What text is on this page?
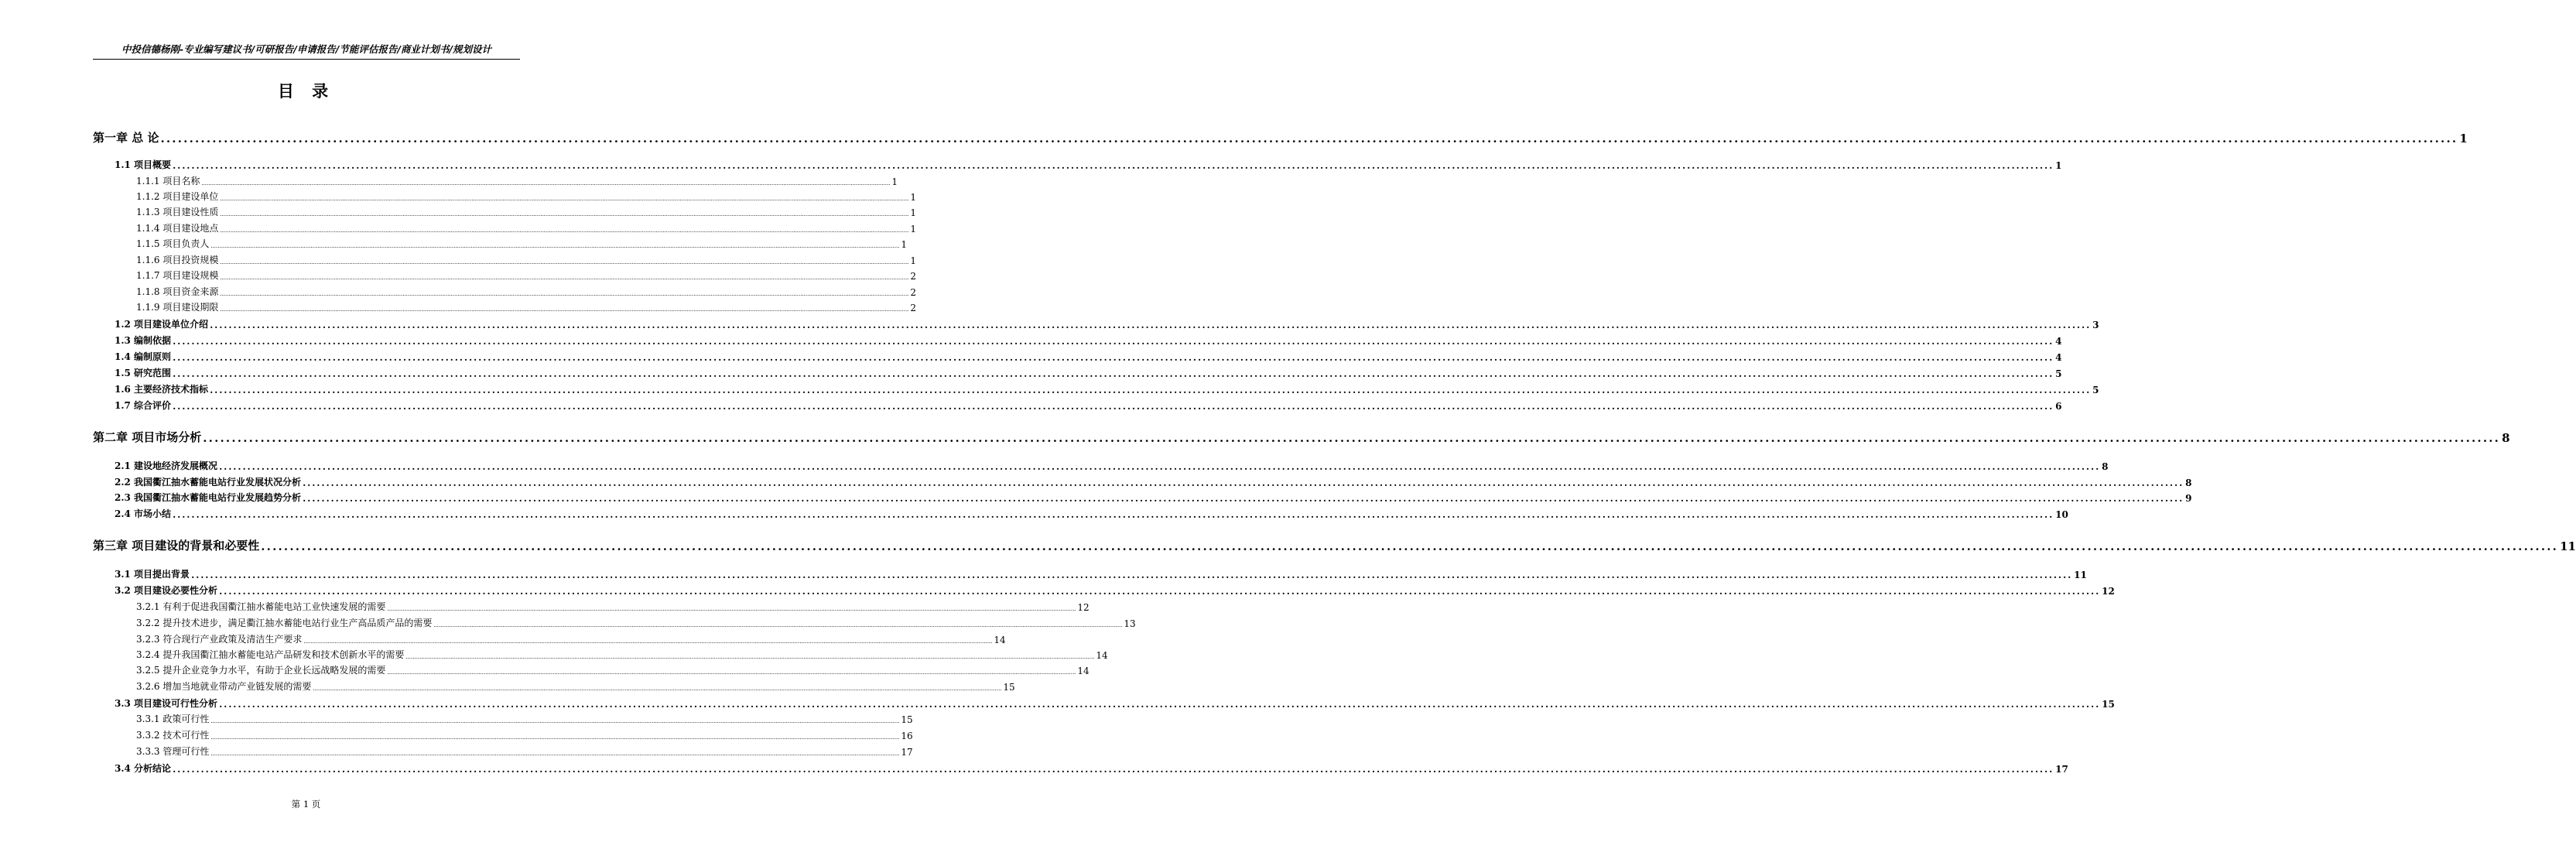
中投信德杨刚-专业编写建议书/可研报告/申请报告/节能评估报告/商业计划书/规划设计
目 录
第一章 总 论 ................................................................................................................................................................................................................................................................................................................................................................................................................ 1
1.1 项目概要 ................................................................................................................................................................................................................................................................................................................................................................................................................ 1
1.1.1 项目名称 ................................................................................................................................................................................................................................................................................................................................................................................................................ 1
1.1.2 项目建设单位 ................................................................................................................................................................................................................................................................................................................................................................................................................ 1
1.1.3 项目建设性质 ................................................................................................................................................................................................................................................................................................................................................................................................................ 1
1.1.4 项目建设地点 ................................................................................................................................................................................................................................................................................................................................................................................................................ 1
1.1.5 项目负责人 ................................................................................................................................................................................................................................................................................................................................................................................................................ 1
1.1.6 项目投资规模 ................................................................................................................................................................................................................................................................................................................................................................................................................ 1
1.1.7 项目建设规模 ................................................................................................................................................................................................................................................................................................................................................................................................................ 2
1.1.8 项目资金来源 ................................................................................................................................................................................................................................................................................................................................................................................................................ 2
1.1.9 项目建设期限 ................................................................................................................................................................................................................................................................................................................................................................................................................ 2
1.2 项目建设单位介绍 ................................................................................................................................................................................................................................................................................................................................................................................................................ 3
1.3 编制依据 ................................................................................................................................................................................................................................................................................................................................................................................................................ 4
1.4 编制原则 ................................................................................................................................................................................................................................................................................................................................................................................................................ 4
1.5 研究范围 ................................................................................................................................................................................................................................................................................................................................................................................................................ 5
1.6 主要经济技术指标 ................................................................................................................................................................................................................................................................................................................................................................................................................ 5
1.7 综合评价 ................................................................................................................................................................................................................................................................................................................................................................................................................ 6
第二章 项目市场分析 ................................................................................................................................................................................................................................................................................................................................................................................................................ 8
2.1 建设地经济发展概况 ................................................................................................................................................................................................................................................................................................................................................................................................................ 8
2.2 我国衢江抽水蓄能电站行业发展状况分析 ................................................................................................................................................................................................................................................................................................................................................................................................................ 8
2.3 我国衢江抽水蓄能电站行业发展趋势分析 ................................................................................................................................................................................................................................................................................................................................................................................................................ 9
2.4 市场小结 ................................................................................................................................................................................................................................................................................................................................................................................................................ 10
第三章 项目建设的背景和必要性 ................................................................................................................................................................................................................................................................................................................................................................................................................ 11
3.1 项目提出背景 ................................................................................................................................................................................................................................................................................................................................................................................................................ 11
3.2 项目建设必要性分析 ................................................................................................................................................................................................................................................................................................................................................................................................................ 12
3.2.1 有利于促进我国衢江抽水蓄能电站工业快速发展的需要 ................................................................................................................................................................................................................................................................................................................................................................................................................ 12
3.2.2 提升技术进步，满足衢江抽水蓄能电站行业生产高品质产品的需要 ................................................................................................................................................................................................................................................................................................................................................................................................................ 13
3.2.3 符合现行产业政策及清洁生产要求 ................................................................................................................................................................................................................................................................................................................................................................................................................ 14
3.2.4 提升我国衢江抽水蓄能电站产品研发和技术创新水平的需要 ................................................................................................................................................................................................................................................................................................................................................................................................................ 14
3.2.5 提升企业竞争力水平，有助于企业长远战略发展的需要 ................................................................................................................................................................................................................................................................................................................................................................................................................ 14
3.2.6 增加当地就业带动产业链发展的需要 ................................................................................................................................................................................................................................................................................................................................................................................................................ 15
3.3 项目建设可行性分析 ................................................................................................................................................................................................................................................................................................................................................................................................................ 15
3.3.1 政策可行性 ................................................................................................................................................................................................................................................................................................................................................................................................................ 15
3.3.2 技术可行性 ................................................................................................................................................................................................................................................................................................................................................................................................................ 16
3.3.3 管理可行性 ................................................................................................................................................................................................................................................................................................................................................................................................................ 17
3.4 分析结论 ................................................................................................................................................................................................................................................................................................................................................................................................................ 17
第 1 页
